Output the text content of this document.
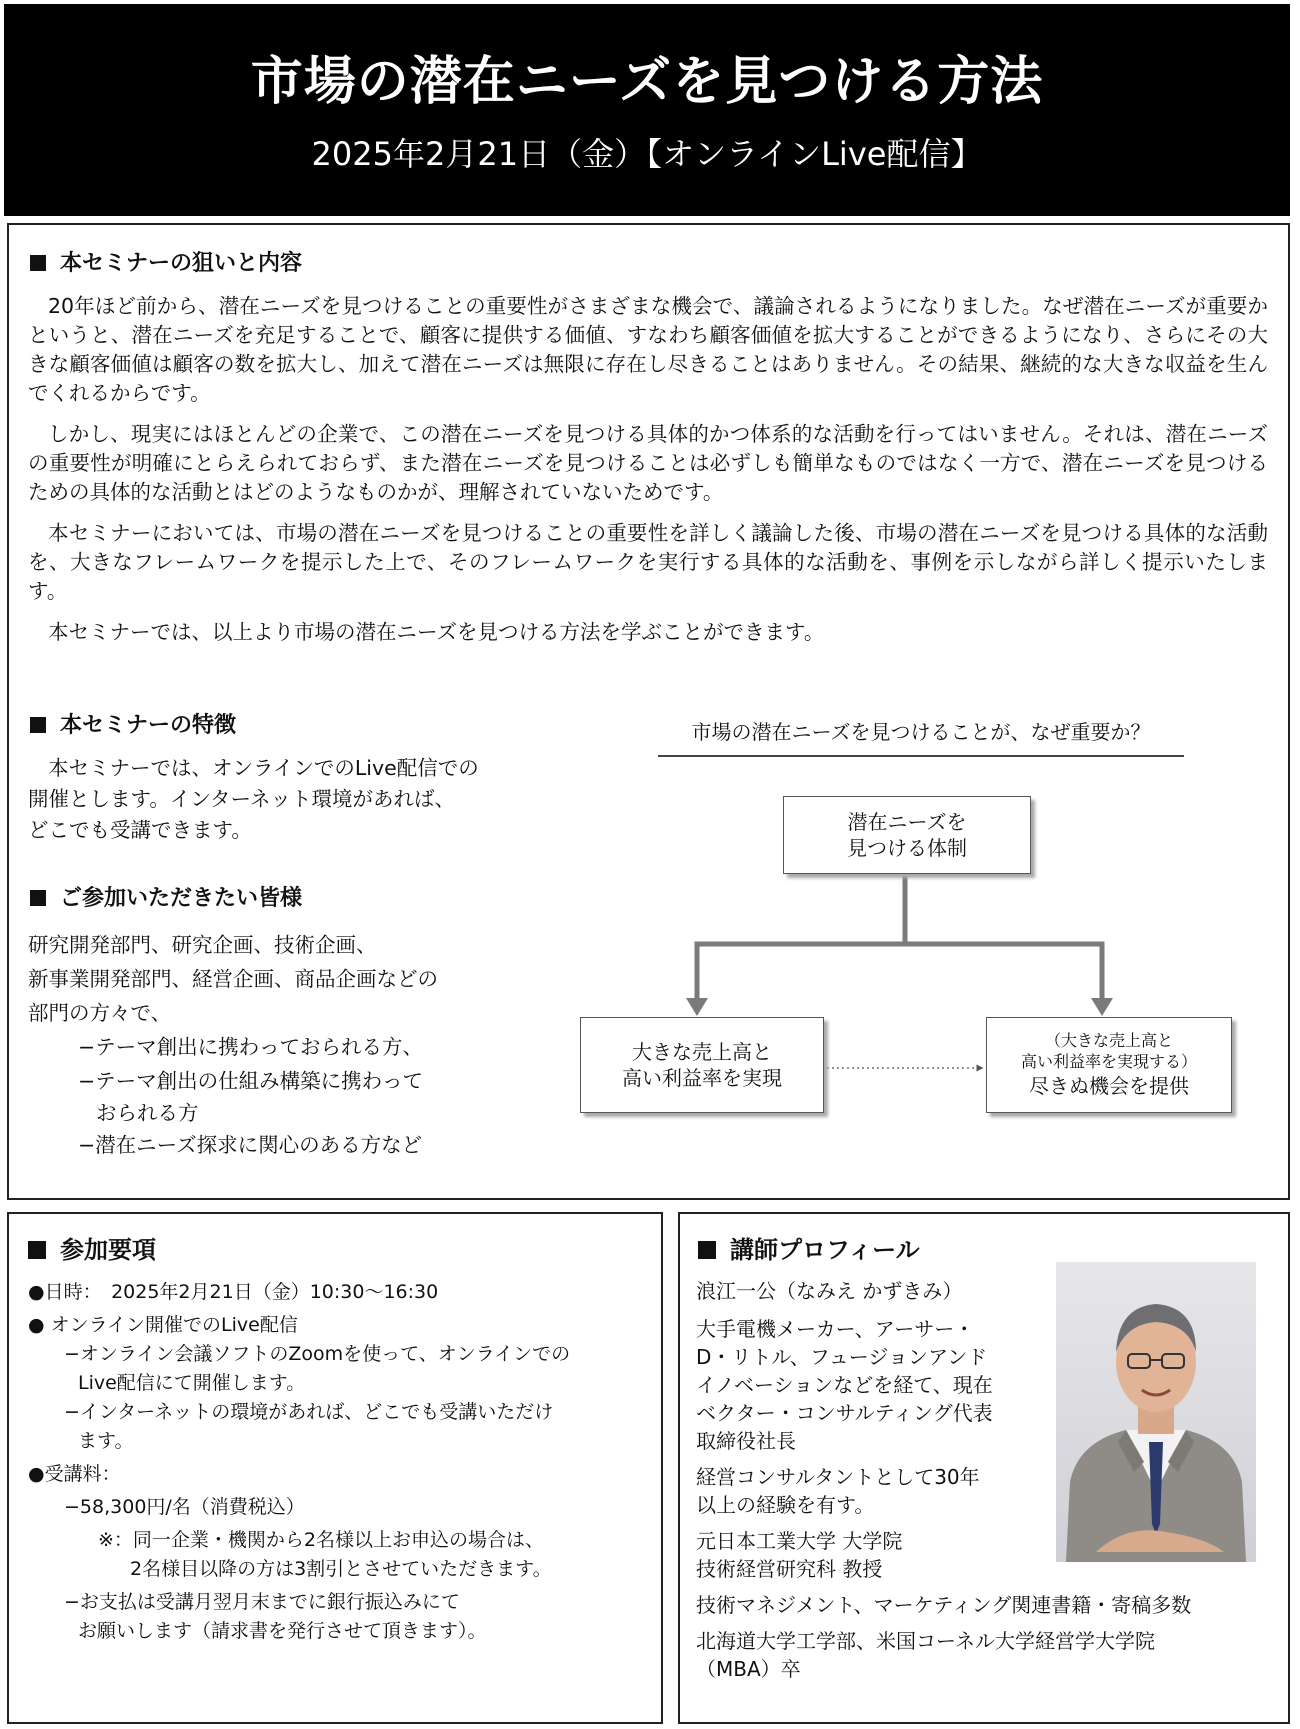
市場の潜在ニーズを見つける方法
2025年2月21日（金）【オンラインLive配信】
本セミナーの狙いと内容

20年ほど前から、潜在ニーズを見つけることの重要性がさまざまな機会で、議論されるようになりました。なぜ潜在ニーズが重要かというと、潜在ニーズを充足することで、顧客に提供する価値、すなわち顧客価値を拡大することができるようになり、さらにその大きな顧客価値は顧客の数を拡大し、加えて潜在ニーズは無限に存在し尽きることはありません。その結果、継続的な大きな収益を生んでくれるからです。

しかし、現実にはほとんどの企業で、この潜在ニーズを見つける具体的かつ体系的な活動を行ってはいません。それは、潜在ニーズの重要性が明確にとらえられておらず、また潜在ニーズを見つけることは必ずしも簡単なものではなく一方で、潜在ニーズを見つけるための具体的な活動とはどのようなものかが、理解されていないためです。

本セミナーにおいては、市場の潜在ニーズを見つけることの重要性を詳しく議論した後、市場の潜在ニーズを見つける具体的な活動を、大きなフレームワークを提示した上で、そのフレームワークを実行する具体的な活動を、事例を示しながら詳しく提示いたします。

本セミナーでは、以上より市場の潜在ニーズを見つける方法を学ぶことができます。

本セミナーの特徴
本セミナーでは、オンラインでのLive配信での
開催とします。インターネット環境があれば、
どこでも受講できます。
ご参加いただきたい皆様
研究開発部門、研究企画、技術企画、
新事業開発部門、経営企画、商品企画などの
部門の方々で、
−テーマ創出に携わっておられる方、
−テーマ創出の仕組み構築に携わって
おられる方
−潜在ニーズ探求に関心のある方など
市場の潜在ニーズを見つけることが、なぜ重要か？
潜在ニーズを
見つける体制
大きな売上高と
高い利益率を実現
（大きな売上高と
高い利益率を実現する）
尽きぬ機会を提供
参加要項
●日時：　2025年2月21日（金）10:30〜16:30
● オンライン開催でのLive配信
−オンライン会議ソフトのZoomを使って、オンラインでの
Live配信にて開催します。
−インターネットの環境があれば、どこでも受講いただけ
ます。
●受講料：
−58,300円/名（消費税込）
※：同一企業・機関から2名様以上お申込の場合は、
2名様目以降の方は3割引とさせていただきます。
−お支払は受講月翌月末までに銀行振込みにて
お願いします（請求書を発行させて頂きます）。
講師プロフィール
浪江一公（なみえ かずきみ）
大手電機メーカー、アーサー・
D・リトル、フュージョンアンド
イノベーションなどを経て、現在
ベクター・コンサルティング代表
取締役社長
経営コンサルタントとして30年
以上の経験を有す。
元日本工業大学 大学院
技術経営研究科 教授
技術マネジメント、マーケティング関連書籍・寄稿多数
北海道大学工学部、米国コーネル大学経営学大学院
（MBA）卒
